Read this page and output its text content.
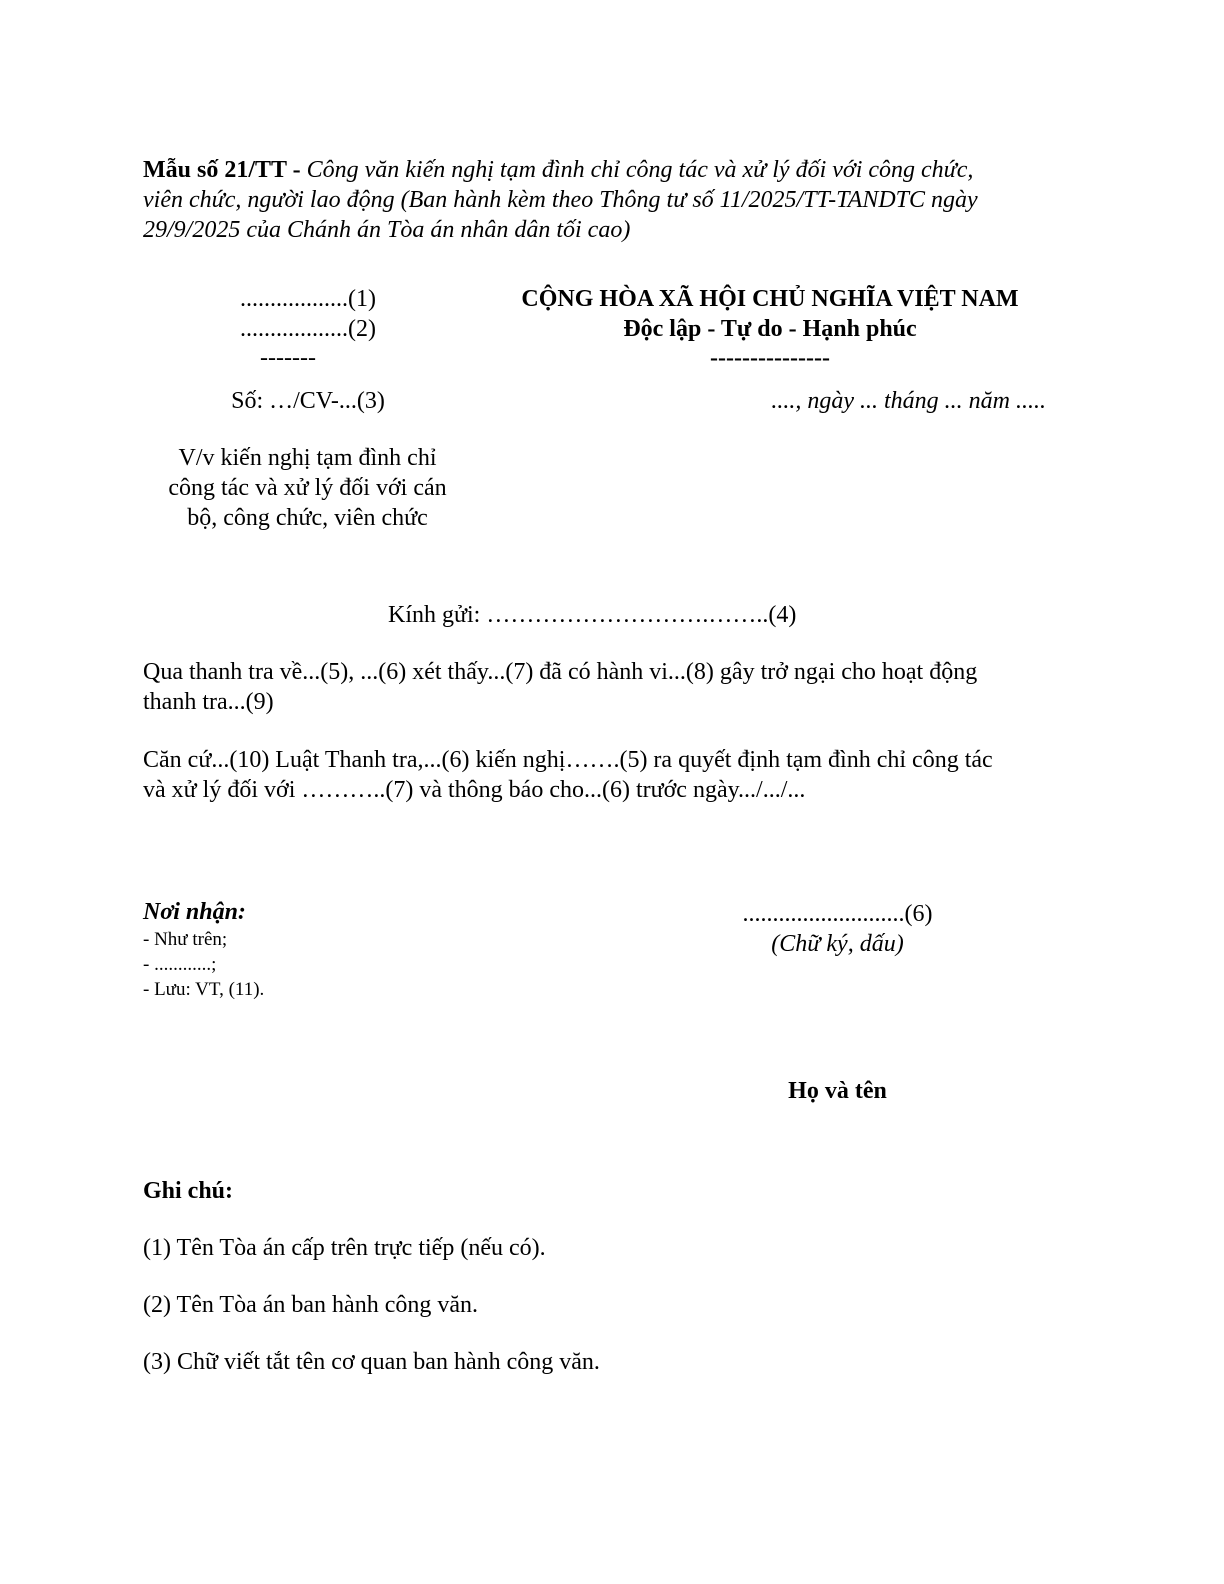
Mẫu số 21/TT - Công văn kiến nghị tạm đình chỉ công tác và xử lý đối với công chức,
viên chức, người lao động (Ban hành kèm theo Thông tư số 11/2025/TT-TANDTC ngày
29/9/2025 của Chánh án Tòa án nhân dân tối cao)
..................(1)
..................(2)
-------
Số: …/CV-...(3)
V/v kiến nghị tạm đình chỉ
công tác và xử lý đối với cán
bộ, công chức, viên chức
CỘNG HÒA XÃ HỘI CHỦ NGHĨA VIỆT NAM
Độc lập - Tự do - Hạnh phúc
---------------
...., ngày ... tháng ... năm .....
Kính gửi: ……………………….……..(4)
Qua thanh tra về...(5), ...(6) xét thấy...(7) đã có hành vi...(8) gây trở ngại cho hoạt động
thanh tra...(9)
Căn cứ...(10) Luật Thanh tra,...(6) kiến nghị…….(5) ra quyết định tạm đình chỉ công tác
và xử lý đối với ………..(7) và thông báo cho...(6) trước ngày.../.../...
Nơi nhận:
- Như trên;
- ............;
- Lưu: VT, (11).
...........................(6)
(Chữ ký, dấu)
Họ và tên
Ghi chú:
(1) Tên Tòa án cấp trên trực tiếp (nếu có).
(2) Tên Tòa án ban hành công văn.
(3) Chữ viết tắt tên cơ quan ban hành công văn.
